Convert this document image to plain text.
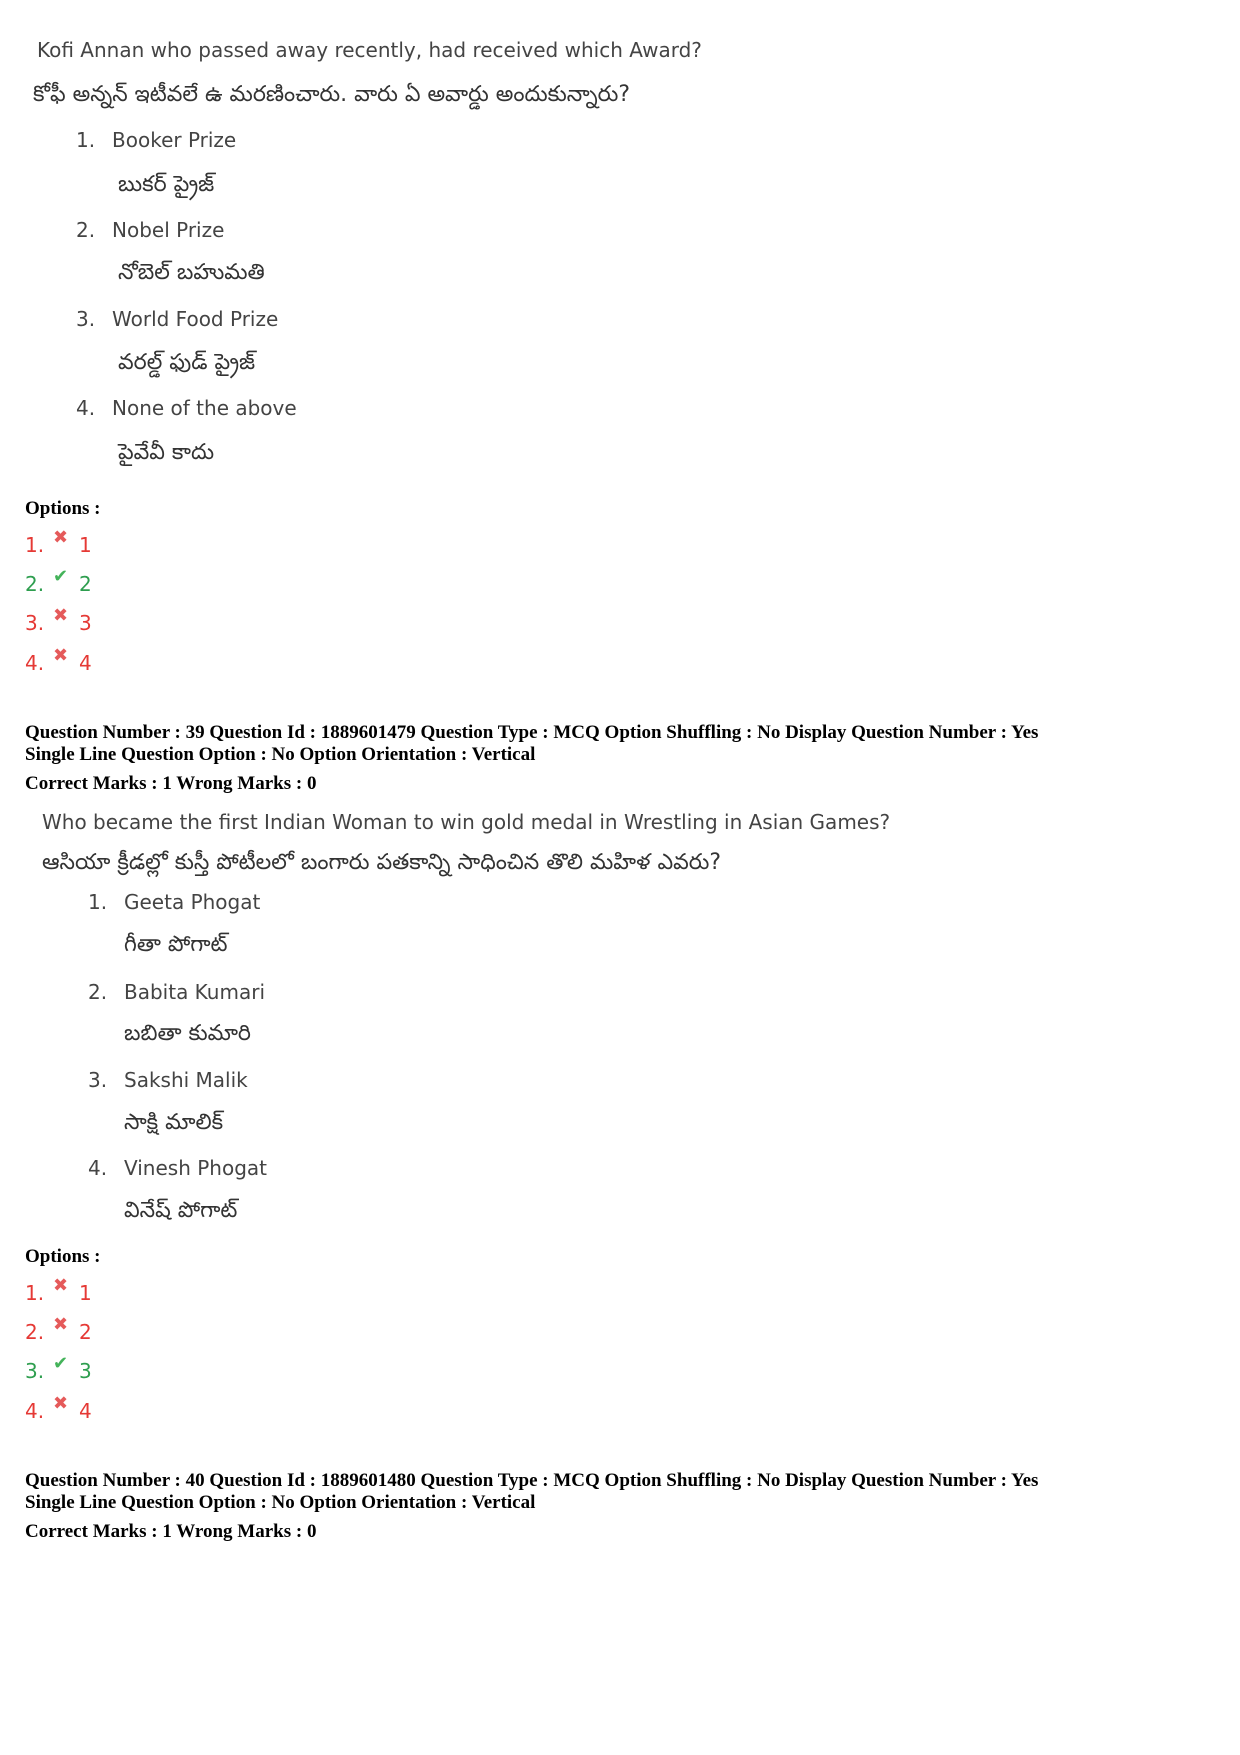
Kofi Annan who passed away recently, had received which Award?
కోఫీ అన్నన్ ఇటీవలే ఉ మరణించారు. వారు ఏ అవార్డు అందుకున్నారు?
1. Booker Prize
బుకర్ ప్రైజ్
2. Nobel Prize
నోబెల్ బహుమతి
3. World Food Prize
వరల్డ్ ఫుడ్ ప్రైజ్
4. None of the above
పైవేవీ కాదు
Options :
1. ✖ 1
2. ✔ 2
3. ✖ 3
4. ✖ 4
Question Number : 39 Question Id : 1889601479 Question Type : MCQ Option Shuffling : No Display Question Number : Yes
Single Line Question Option : No Option Orientation : Vertical
Correct Marks : 1 Wrong Marks : 0
Who became the first Indian Woman to win gold medal in Wrestling in Asian Games?
ఆసియా క్రీడల్లో కుస్తీ పోటీలలో బంగారు పతకాన్ని సాధించిన తొలి మహిళ ఎవరు?
1. Geeta Phogat
గీతా పోగాట్
2. Babita Kumari
బబితా కుమారి
3. Sakshi Malik
సాక్షి మాలిక్
4. Vinesh Phogat
వినేష్ పోగాట్
Options :
1. ✖ 1
2. ✖ 2
3. ✔ 3
4. ✖ 4
Question Number : 40 Question Id : 1889601480 Question Type : MCQ Option Shuffling : No Display Question Number : Yes
Single Line Question Option : No Option Orientation : Vertical
Correct Marks : 1 Wrong Marks : 0
